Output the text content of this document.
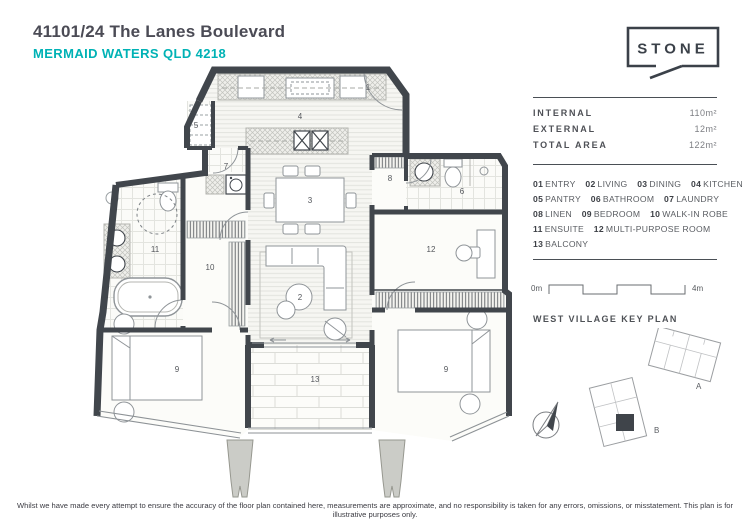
41101/24 The Lanes Boulevard
MERMAID WATERS QLD 4218	STONE
INTERNAL	110m²
EXTERNAL	12m²
TOTAL AREA	122m²
01 ENTRY 02 LIVING 03 DINING 04 KITCHEN
05 PANTRY 06 BATHROOM 07 LAUNDRY
08 LINEN 09 BEDROOM 10 WALK-IN ROBE
11 ENSUITE 12 MULTI-PURPOSE ROOM
13 BALCONY
0m	4m
WEST VILLAGE KEY PLAN
A
B
1
4
5
7
3
8
6
11
10
2
12
9	9
13
Whilst we have made every attempt to ensure the accuracy of the floor plan contained here, measurements are approximate, and no responsibility is taken for any errors, omissions, or misstatement. This plan is for illustrative purposes only.
